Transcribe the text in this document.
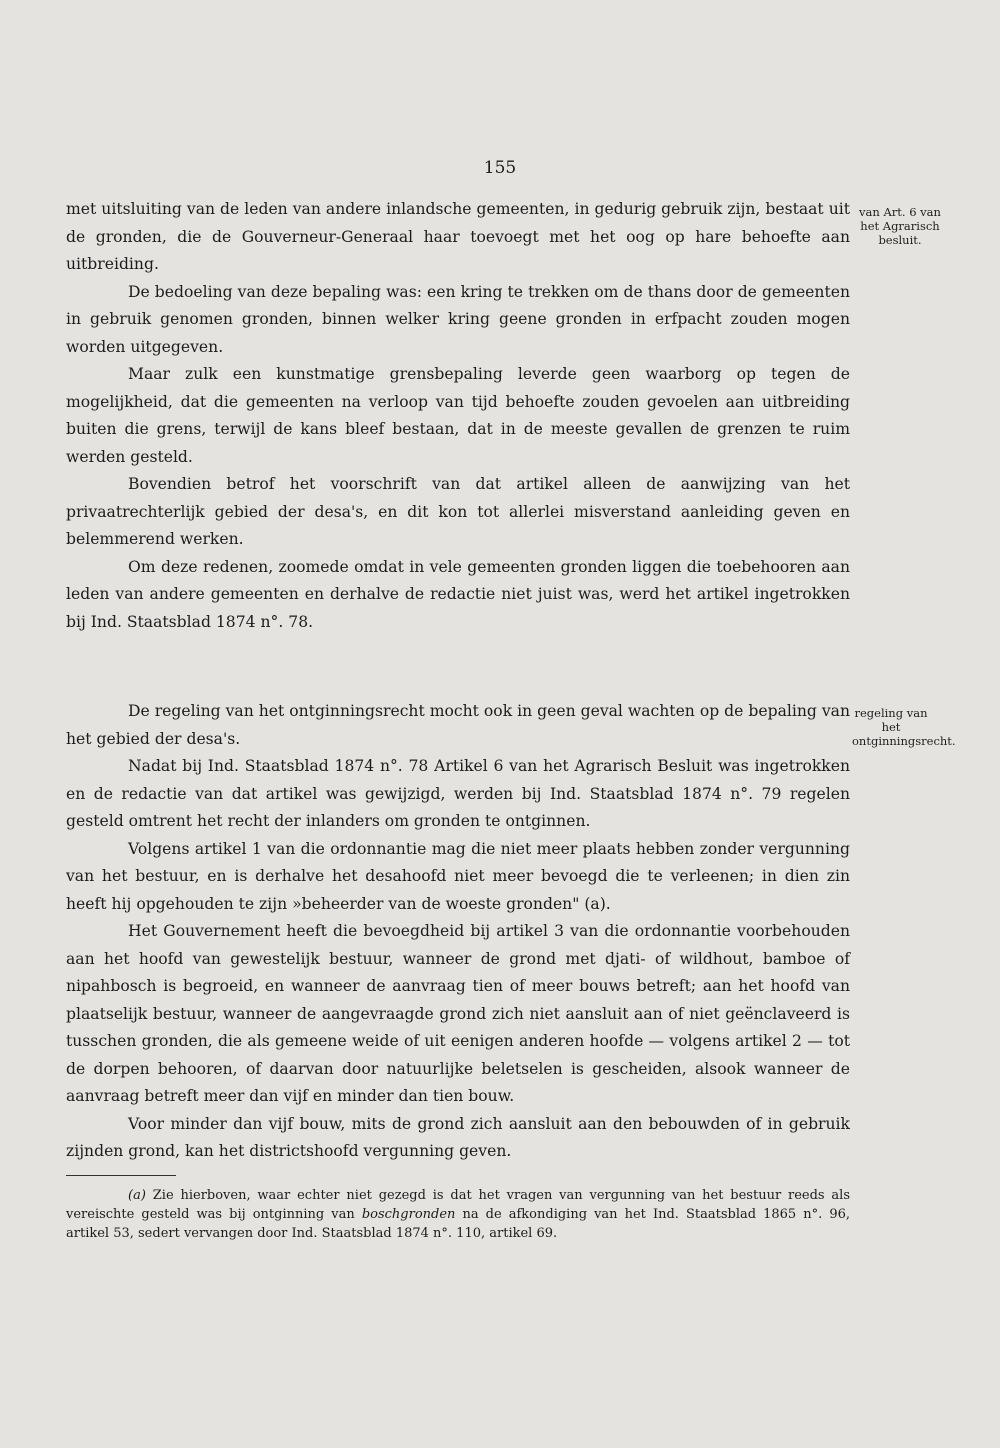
155

met uitsluiting van de leden van andere inlandsche gemeenten, in gedurig gebruik zijn, bestaat uit de gronden, die de Gouverneur-Generaal haar toevoegt met het oog op hare behoefte aan uitbreiding.

De bedoeling van deze bepaling was: een kring te trekken om de thans door de gemeenten in gebruik genomen gronden, binnen welker kring geene gronden in erfpacht zouden mogen worden uitgegeven.

Maar zulk een kunstmatige grensbepaling leverde geen waarborg op tegen de mogelijkheid, dat die gemeenten na verloop van tijd behoefte zouden gevoelen aan uitbreiding buiten die grens, terwijl de kans bleef bestaan, dat in de meeste gevallen de grenzen te ruim werden gesteld.

Bovendien betrof het voorschrift van dat artikel alleen de aanwijzing van het privaatrechterlijk gebied der desa's, en dit kon tot allerlei misverstand aanleiding geven en belemmerend werken.

Om deze redenen, zoomede omdat in vele gemeenten gronden liggen die toebehooren aan leden van andere gemeenten en derhalve de redactie niet juist was, werd het artikel ingetrokken bij Ind. Staatsblad 1874 n°. 78.

van Art. 6 van het Agrarisch besluit.

De regeling van het ontginningsrecht mocht ook in geen geval wachten op de bepaling van het gebied der desa's.

Nadat bij Ind. Staatsblad 1874 n°. 78 Artikel 6 van het Agrarisch Besluit was ingetrokken en de redactie van dat artikel was gewijzigd, werden bij Ind. Staatsblad 1874 n°. 79 regelen gesteld omtrent het recht der inlanders om gronden te ontginnen.

Volgens artikel 1 van die ordonnantie mag die niet meer plaats hebben zonder vergunning van het bestuur, en is derhalve het desahoofd niet meer bevoegd die te verleenen; in dien zin heeft hij opgehouden te zijn »beheerder van de woeste gronden" (a).

Het Gouvernement heeft die bevoegdheid bij artikel 3 van die ordonnantie voorbehouden aan het hoofd van gewestelijk bestuur, wanneer de grond met djati- of wildhout, bamboe of nipahbosch is begroeid, en wanneer de aanvraag tien of meer bouws betreft; aan het hoofd van plaatselijk bestuur, wanneer de aangevraagde grond zich niet aansluit aan of niet geënclaveerd is tusschen gronden, die als gemeene weide of uit eenigen anderen hoofde — volgens artikel 2 — tot de dorpen behooren, of daarvan door natuurlijke beletselen is gescheiden, alsook wanneer de aanvraag betreft meer dan vijf en minder dan tien bouw.

Voor minder dan vijf bouw, mits de grond zich aansluit aan den bebouwden of in gebruik zijnden grond, kan het districtshoofd vergunning geven.

regeling van het ontginningsrecht.
(a) Zie hierboven, waar echter niet gezegd is dat het vragen van vergunning van het bestuur reeds als vereischte gesteld was bij ontginning van boschgronden na de afkondiging van het Ind. Staatsblad 1865 n°. 96, artikel 53, sedert vervangen door Ind. Staatsblad 1874 n°. 110, artikel 69.
